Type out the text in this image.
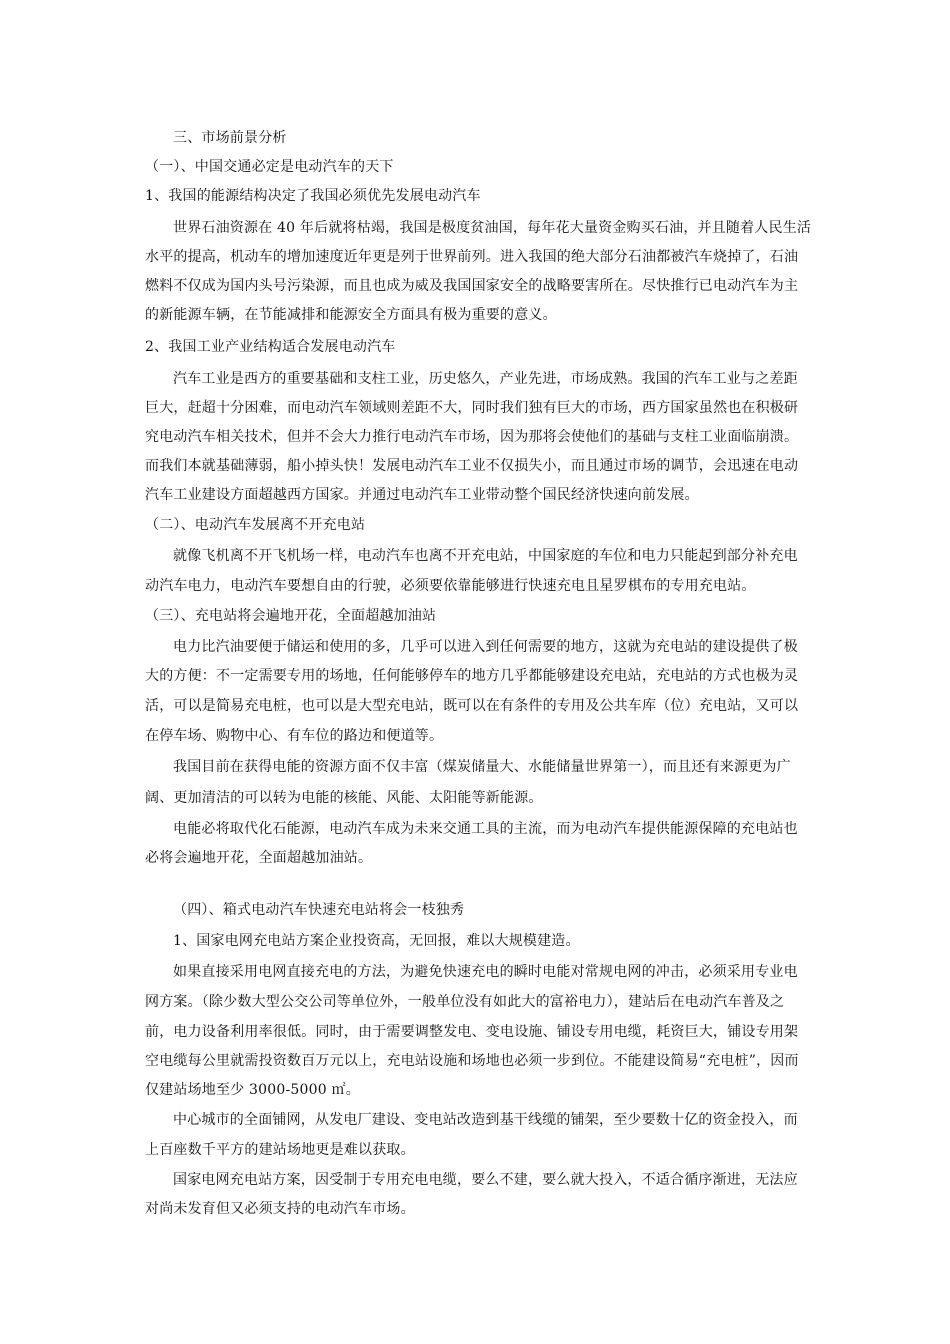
三、市场前景分析
（一）、中国交通必定是电动汽车的天下
1、我国的能源结构决定了我国必须优先发展电动汽车
世界石油资源在 40 年后就将枯竭，我国是极度贫油国，每年花大量资金购买石油，并且随着人民生活
水平的提高，机动车的增加速度近年更是列于世界前列。进入我国的绝大部分石油都被汽车烧掉了，石油
燃料不仅成为国内头号污染源，而且也成为威及我国国家安全的战略要害所在。尽快推行已电动汽车为主
的新能源车辆，在节能减排和能源安全方面具有极为重要的意义。
2、我国工业产业结构适合发展电动汽车
汽车工业是西方的重要基础和支柱工业，历史悠久，产业先进，市场成熟。我国的汽车工业与之差距
巨大，赶超十分困难，而电动汽车领域则差距不大，同时我们独有巨大的市场，西方国家虽然也在积极研
究电动汽车相关技术，但并不会大力推行电动汽车市场，因为那将会使他们的基础与支柱工业面临崩溃。
而我们本就基础薄弱，船小掉头快！发展电动汽车工业不仅损失小，而且通过市场的调节，会迅速在电动
汽车工业建设方面超越西方国家。并通过电动汽车工业带动整个国民经济快速向前发展。
（二）、电动汽车发展离不开充电站
就像飞机离不开飞机场一样，电动汽车也离不开充电站，中国家庭的车位和电力只能起到部分补充电
动汽车电力，电动汽车要想自由的行驶，必须要依靠能够进行快速充电且星罗棋布的专用充电站。
（三）、充电站将会遍地开花，全面超越加油站
电力比汽油要便于储运和使用的多，几乎可以进入到任何需要的地方，这就为充电站的建设提供了极
大的方便：不一定需要专用的场地，任何能够停车的地方几乎都能够建设充电站，充电站的方式也极为灵
活，可以是简易充电桩，也可以是大型充电站，既可以在有条件的专用及公共车库（位）充电站，又可以
在停车场、购物中心、有车位的路边和便道等。
我国目前在获得电能的资源方面不仅丰富（煤炭储量大、水能储量世界第一），而且还有来源更为广
阔、更加清洁的可以转为电能的核能、风能、太阳能等新能源。
电能必将取代化石能源，电动汽车成为未来交通工具的主流，而为电动汽车提供能源保障的充电站也
必将会遍地开花，全面超越加油站。
（四）、箱式电动汽车快速充电站将会一枝独秀
1、国家电网充电站方案企业投资高，无回报，难以大规模建造。
如果直接采用电网直接充电的方法，为避免快速充电的瞬时电能对常规电网的冲击，必须采用专业电
网方案。（除少数大型公交公司等单位外，一般单位没有如此大的富裕电力），建站后在电动汽车普及之
前，电力设备利用率很低。同时，由于需要调整发电、变电设施、铺设专用电缆，耗资巨大，铺设专用架
空电缆每公里就需投资数百万元以上，充电站设施和场地也必须一步到位。不能建设简易“充电桩”，因而
仅建站场地至少 3000-5000 ㎡。
中心城市的全面铺网，从发电厂建设、变电站改造到基干线缆的铺架，至少要数十亿的资金投入，而
上百座数千平方的建站场地更是难以获取。
国家电网充电站方案，因受制于专用充电电缆，要么不建，要么就大投入，不适合循序渐进，无法应
对尚未发育但又必须支持的电动汽车市场。
